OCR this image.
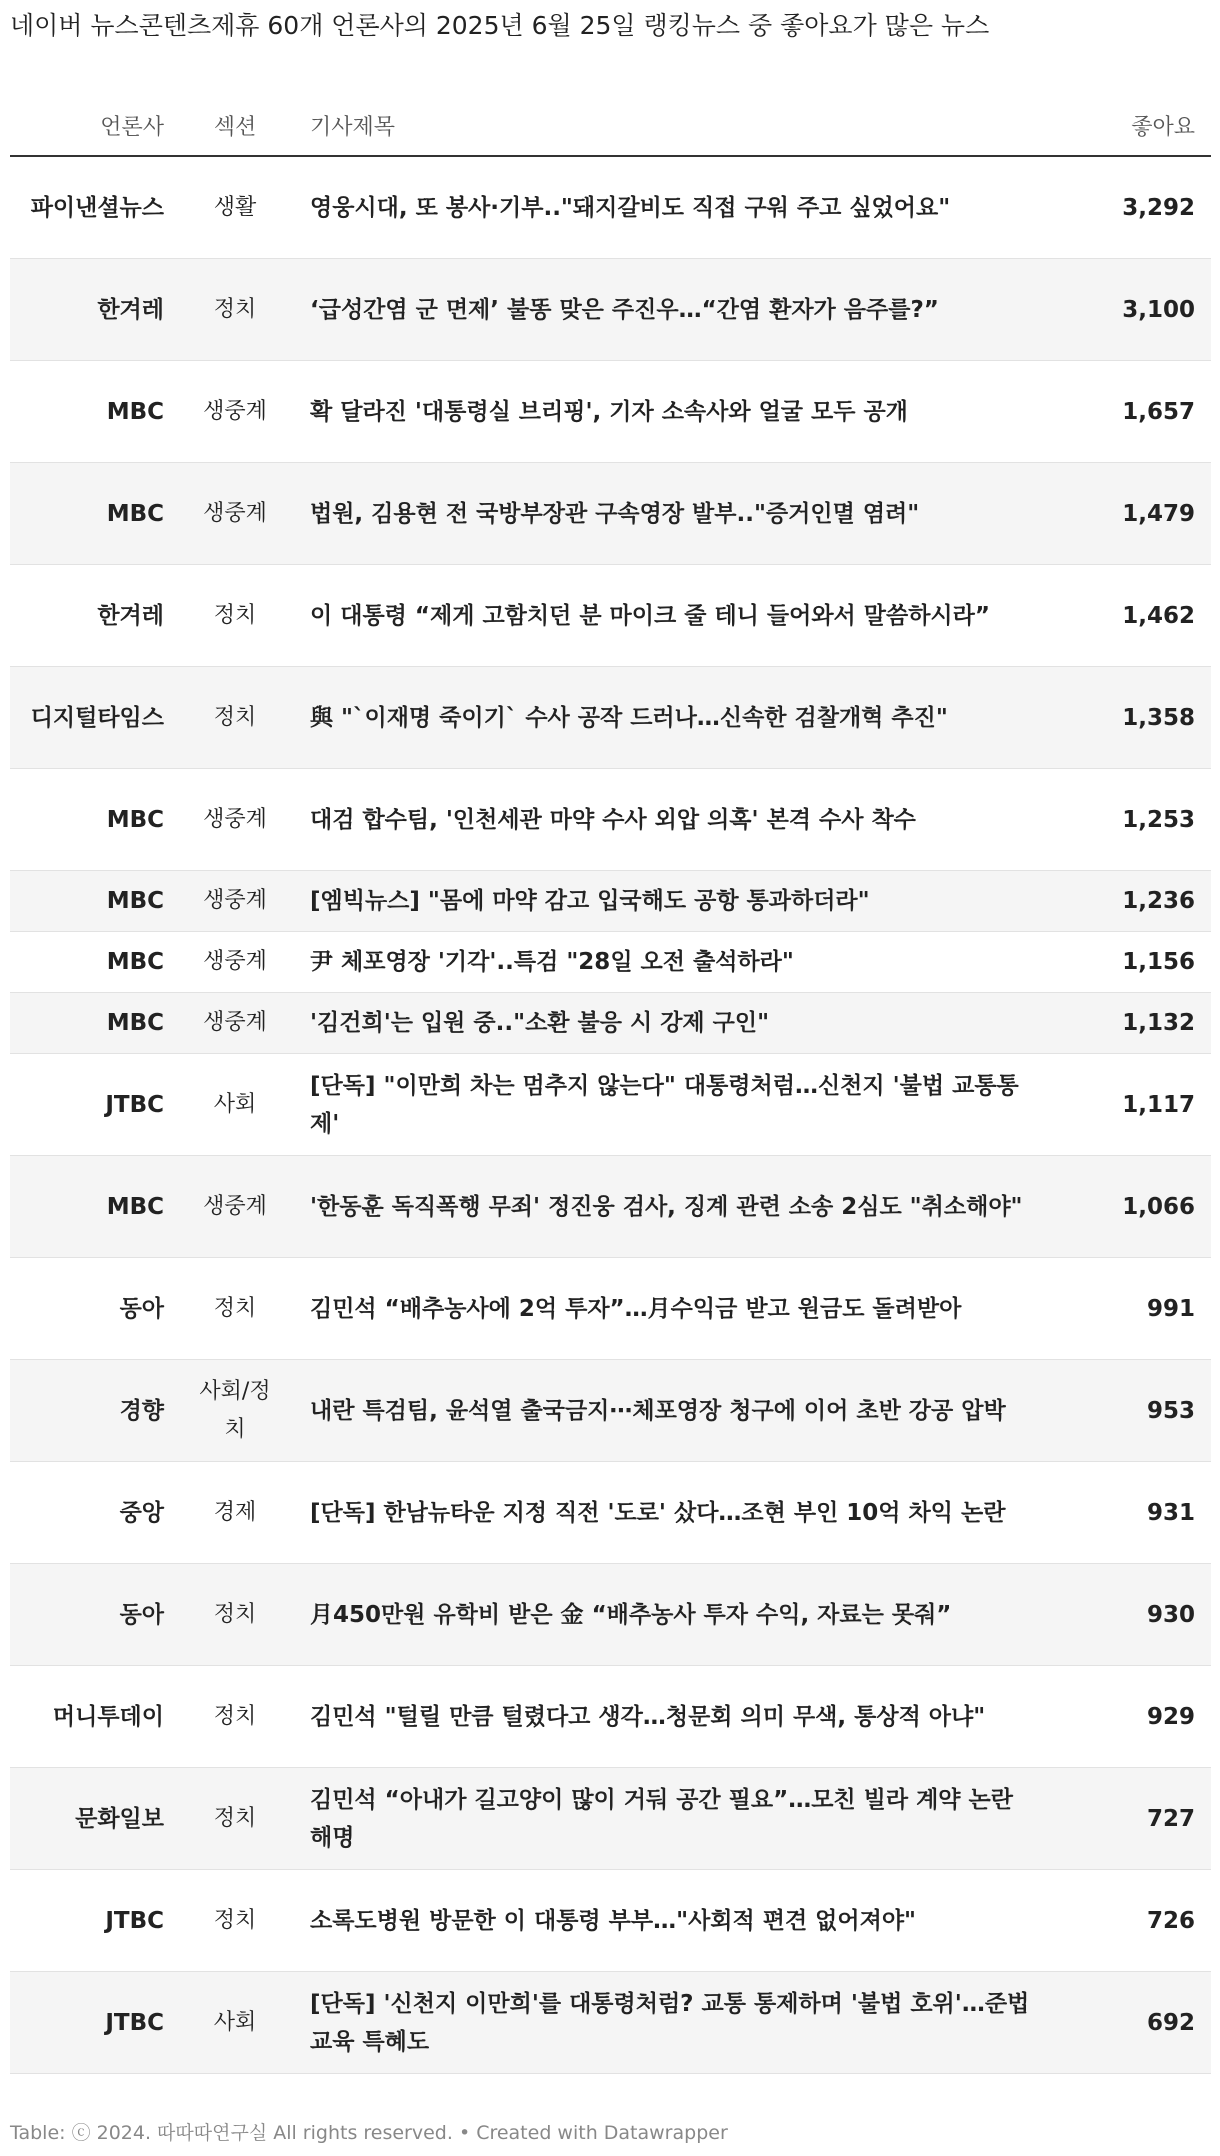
네이버 뉴스콘텐츠제휴 60개 언론사의 2025년 6월 25일 랭킹뉴스 중 좋아요가 많은 뉴스
언론사	섹션	기사제목	좋아요
파이낸셜뉴스	생활	영웅시대, 또 봉사·기부.."돼지갈비도 직접 구워 주고 싶었어요"	3,292
한겨레	정치	‘급성간염 군 면제’ 불똥 맞은 주진우…“간염 환자가 음주를?”	3,100
MBC	생중계	확 달라진 '대통령실 브리핑', 기자 소속사와 얼굴 모두 공개	1,657
MBC	생중계	법원, 김용현 전 국방부장관 구속영장 발부.."증거인멸 염려"	1,479
한겨레	정치	이 대통령 “제게 고함치던 분 마이크 줄 테니 들어와서 말씀하시라”	1,462
디지털타임스	정치	與 "`이재명 죽이기` 수사 공작 드러나…신속한 검찰개혁 추진"	1,358
MBC	생중계	대검 합수팀, '인천세관 마약 수사 외압 의혹' 본격 수사 착수	1,253
MBC	생중계	[엠빅뉴스] "몸에 마약 감고 입국해도 공항 통과하더라"	1,236
MBC	생중계	尹 체포영장 '기각'..특검 "28일 오전 출석하라"	1,156
MBC	생중계	'김건희'는 입원 중.."소환 불응 시 강제 구인"	1,132
JTBC	사회	[단독] "이만희 차는 멈추지 않는다" 대통령처럼…신천지 '불법 교통통제'	1,117
MBC	생중계	'한동훈 독직폭행 무죄' 정진웅 검사, 징계 관련 소송 2심도 "취소해야"	1,066
동아	정치	김민석 “배추농사에 2억 투자”…月수익금 받고 원금도 돌려받아	991
경향	사회/정치	내란 특검팀, 윤석열 출국금지⋯체포영장 청구에 이어 초반 강공 압박	953
중앙	경제	[단독] 한남뉴타운 지정 직전 '도로' 샀다…조현 부인 10억 차익 논란	931
동아	정치	月450만원 유학비 받은 金 “배추농사 투자 수익, 자료는 못줘”	930
머니투데이	정치	김민석 "털릴 만큼 털렸다고 생각…청문회 의미 무색, 통상적 아냐"	929
문화일보	정치	김민석 “아내가 길고양이 많이 거둬 공간 필요”…모친 빌라 계약 논란 해명	727
JTBC	정치	소록도병원 방문한 이 대통령 부부…"사회적 편견 없어져야"	726
JTBC	사회	[단독] '신천지 이만희'를 대통령처럼? 교통 통제하며 '불법 호위'…준법교육 특혜도	692
Table: ⓒ 2024. 따따따연구실 All rights reserved. • Created with Datawrapper
